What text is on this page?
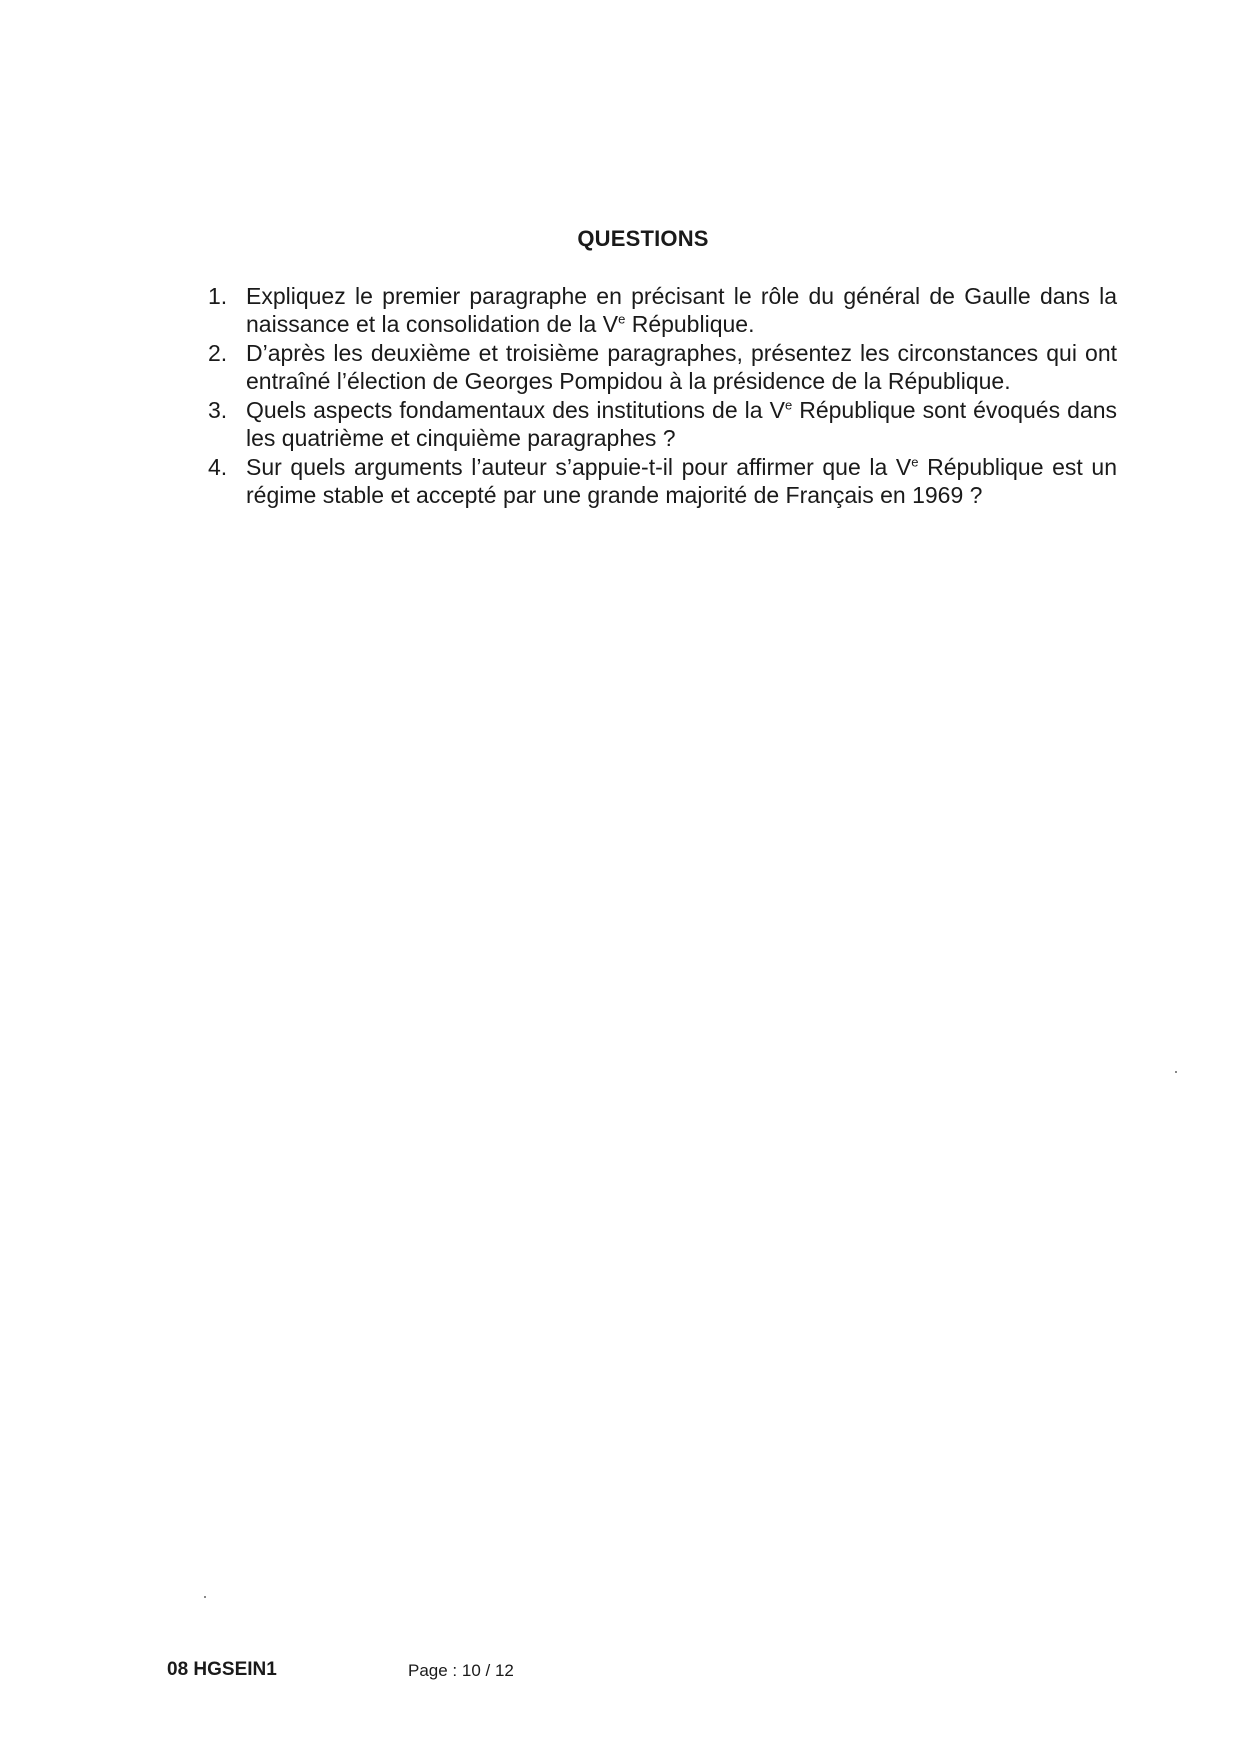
QUESTIONS
1. Expliquez le premier paragraphe en précisant le rôle du général de Gaulle dans la naissance et la consolidation de la Ve République.
2. D’après les deuxième et troisième paragraphes, présentez les circonstances qui ont entraîné l’élection de Georges Pompidou à la présidence de la République.
3. Quels aspects fondamentaux des institutions de la Ve République sont évoqués dans les quatrième et cinquième paragraphes ?
4. Sur quels arguments l’auteur s’appuie-t-il pour affirmer que la Ve République est un régime stable et accepté par une grande majorité de Français en 1969 ?
08 HGSEIN1	Page : 10 / 12
